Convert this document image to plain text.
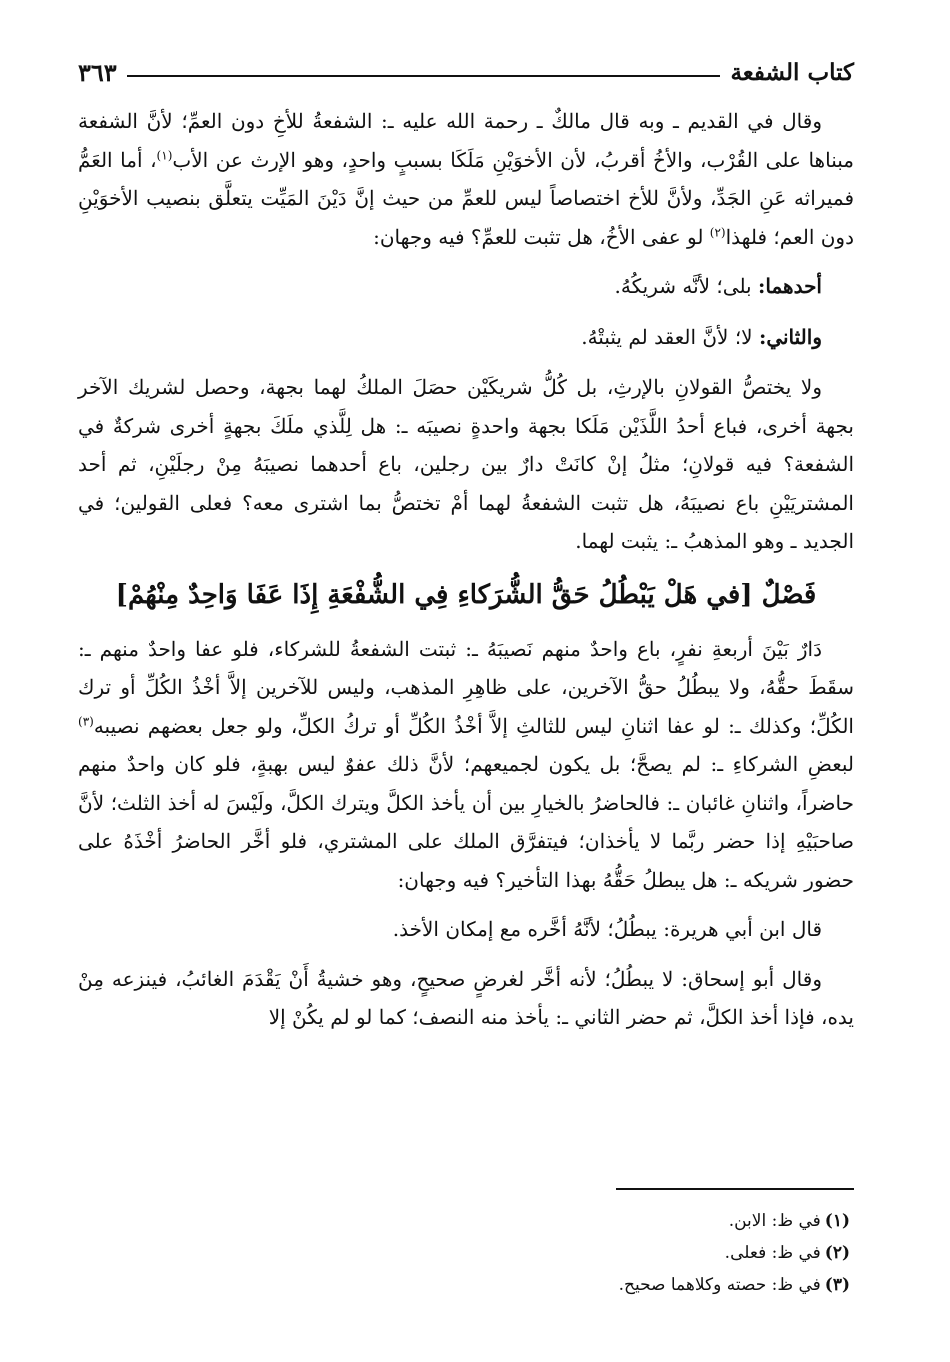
كتاب الشفعة
٣٦٣

وقال في القديم ـ وبه قال مالكٌ ـ رحمة الله عليه ـ: الشفعةُ للأخِ دون العمِّ؛ لأنَّ الشفعة مبناها على القُرْب، والأخُ أقربُ، لأن الأخوَيْنِ مَلَكَا بسببٍ واحدٍ، وهو الإرث عن الأب$^{(١)}$، أما العَمُّ فميراثه عَنِ الجَدِّ، ولأنَّ للأخ اختصاصاً ليس للعمِّ من حيث إنَّ دَيْنَ المَيِّت يتعلَّق بنصيب الأخوَيْنِ دون العم؛ فلهذا$^{(٢)}$ لو عفى الأخُ، هل تثبت للعمِّ؟ فيه وجهان:

أحدهما: بلى؛ لأنَّه شريكُهُ.

والثاني: لا؛ لأنَّ العقد لم يثبتْهُ.

ولا يختصُّ القولانِ بالإرثِ، بل كُلُّ شريكَيْن حصَلَ الملكُ لهما بجهة، وحصل لشريك الآخر بجهة أخرى، فباع أحدُ اللَّذَيْن مَلَكا بجهة واحدةٍ نصيبَه ـ: هل لِلَّذي ملَكَ بجهةٍ أخرى شركةٌ في الشفعة؟ فيه قولانِ؛ مثلُ إنْ كانَتْ دارٌ بين رجلين، باع أحدهما نصيبَهُ مِنْ رجلَيْنِ، ثم أحد المشتريَيْنِ باع نصيبَهُ، هل تثبت الشفعةُ لهما أمْ تختصُّ بما اشترى معه؟ فعلى القولين؛ في الجديد ـ وهو المذهبُ ـ: يثبت لهما.

فَصْلٌ [في هَلْ يَبْطُلُ حَقُّ الشُّرَكاءِ فِي الشُّفْعَةِ إِذَا عَفَا وَاحِدٌ مِنْهُمْ]

دَارٌ بَيْنَ أربعةِ نفرٍ، باع واحدٌ منهم نَصيبَهُ ـ: ثبتت الشفعةُ للشركاء، فلو عفا واحدٌ منهم ـ: سقَطَ حقُّهُ، ولا يبطُلُ حقُّ الآخرين، على ظاهِرِ المذهب، وليس للآخرين إلاَّ أخْذُ الكُلِّ أو ترك الكُلِّ؛ وكذلك ـ: لو عفا اثنانِ ليس للثالثِ إلاَّ أخْذُ الكُلِّ أو تركُ الكلِّ، ولو جعل بعضهم نصيبه$^{(٣)}$ لبعضِ الشركاءِ ـ: لم يصحَّ؛ بل يكون لجميعهم؛ لأنَّ ذلك عفوٌ ليس بهبةٍ، فلو كان واحدٌ منهم حاضراً، واثنانِ غائبان ـ: فالحاضرُ بالخيارِ بين أن يأخذ الكلَّ ويترك الكلَّ، ولَيْسَ له أخذ الثلث؛ لأنَّ صاحبَيْهِ إذا حضر ربَّما لا يأخذان؛ فيتفرَّق الملك على المشتري، فلو أخَّر الحاضرُ أخْذَهُ على حضور شريكه ـ: هل يبطلُ حَقُّهُ بهذا التأخير؟ فيه وجهان:

قال ابن أبي هريرة: يبطُلُ؛ لأنَّهُ أخَّره مع إمكان الأخذ.

وقال أبو إسحاق: لا يبطُلُ؛ لأنه أخَّر لغرضٍ صحيحٍ، وهو خشيةُ أَنْ يَقْدَمَ الغائبُ، فينزعه مِنْ يده، فإذا أخذ الكلَّ، ثم حضر الثاني ـ: يأخذ منه النصف؛ كما لو لم يكُنْ إلا

(١)في ظ: الابن.

(٢)في ظ: فعلى.

(٣)في ظ: حصته وكلاهما صحيح.
